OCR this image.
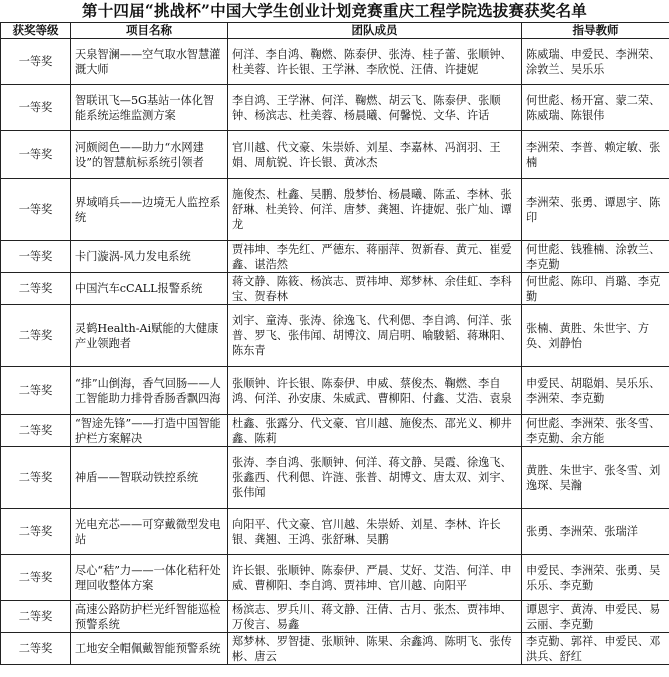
第十四届“挑战杯”中国大学生创业计划竞赛重庆工程学院选拔赛获奖名单
获奖等级	项目名称	团队成员	指导教师
一等奖	天泉智澜——空气取水智慧灌溉大师	何洋、李自鸿、鞠燃、陈泰伊、张涛、桂子蕾、张顺钟、杜美蓉、许长银、王学淋、李欣悦、汪倩、许捷妮	陈威瑞、申爱民、李洲荣、涂敦兰、吴乐乐
一等奖	智联讯飞—5G基站一体化智能系统运维监测方案	李自鸿、王学淋、何洋、鞠燃、胡云飞、陈泰伊、张顺钟、杨滨志、杜美蓉、杨晨曦、何馨悦、文华、许话	何世彪、杨开富、蒙二荣、陈威瑞、陈银伟
一等奖	河颇阅色——助力“水网建设”的智慧航标系统引领者	官川越、代文豪、朱崇娇、刘星、李嘉林、冯润羽、王娟、周航锐、许长银、黄冰杰	李洲荣、李普、赖定敏、张楠
一等奖	界域哨兵——边境无人监控系统	施俊杰、杜鑫、吴鹏、殷梦怡、杨晨曦、陈孟、李林、张舒琳、杜美铃、何洋、唐梦、龚翘、许捷妮、张广灿、谭龙	李洲荣、张勇、谭恩宇、陈印
一等奖	卡门漩涡-风力发电系统	贾祎坤、李先红、严德东、蒋丽萍、贺新春、黄元、崔爱鑫、谌浩然	何世彪、钱雅楠、涂敦兰、李克勤
二等奖	中国汽车cCALL报警系统	蒋文静、陈筱、杨滨志、贾祎坤、郑梦林、余佳虹、李科宝、贺春林	何世彪、陈印、肖璐、李克勤
二等奖	灵鹤Health-Ai赋能的大健康产业领跑者	刘宇、童涛、张涛、徐逸飞、代利偲、李自鸿、何洋、张普、罗飞、张伟闻、胡博汶、周启明、喻駿韬、蒋琳阳、陈东青	张楠、黄胜、朱世宇、方奂、刘静怡
二等奖	“排”山倒海，香气回肠——人工智能助力排骨香肠香飘四海	张顺钟、许长银、陈泰伊、申威、蔡俊杰、鞠燃、李自鸿、何洋、孙安康、朱威武、曹柳阳、付鑫、艾浩、袁泉	申爱民、胡聪娟、吴乐乐、李洲荣、李克勤
二等奖	“智途先锋”——打造中国智能护栏方案解决	杜鑫、张露分、代文豪、官川越、施俊杰、邵光义、柳井鑫、陈莉	何世彪、李洲荣、张冬雪、李克勤、余方能
二等奖	神盾——智联动铁控系统	张涛、李自鸿、张顺钟、何洋、蒋文静、吴霞、徐逸飞、张鑫西、代利偲、许涟、张普、胡博文、唐太双、刘宇、张伟闻	黄胜、朱世宇、张冬雪、刘逸琛、吴瀚
二等奖	光电充芯——可穿戴微型发电站	向阳平、代文豪、官川越、朱崇娇、刘星、李林、许长银、龚翘、王鸿、张舒琳、吴鹏	张勇、李洲荣、张瑞洋
二等奖	尽心“秸”力——一体化秸秆处理回收整体方案	许长银、张顺钟、陈泰伊、严晨、艾好、艾浩、何洋、申威、曹柳阳、李自鸿、贾祎坤、官川越、向阳平	申爱民、李洲荣、张勇、吴乐乐、李克勤
二等奖	高速公路防护栏光纤智能巡检预警系统	杨滨志、罗兵川、蒋文静、汪倩、古月、张杰、贾祎坤、万俊言、易鑫	谭恩宇、黄涛、申爱民、易云丽、李克勤
二等奖	工地安全帽佩戴智能预警系统	郑梦林、罗智捷、张顺钟、陈果、余鑫鸿、陈明飞、张传彬、唐云	李克勤、郭祥、申爱民、邓洪兵、舒红
